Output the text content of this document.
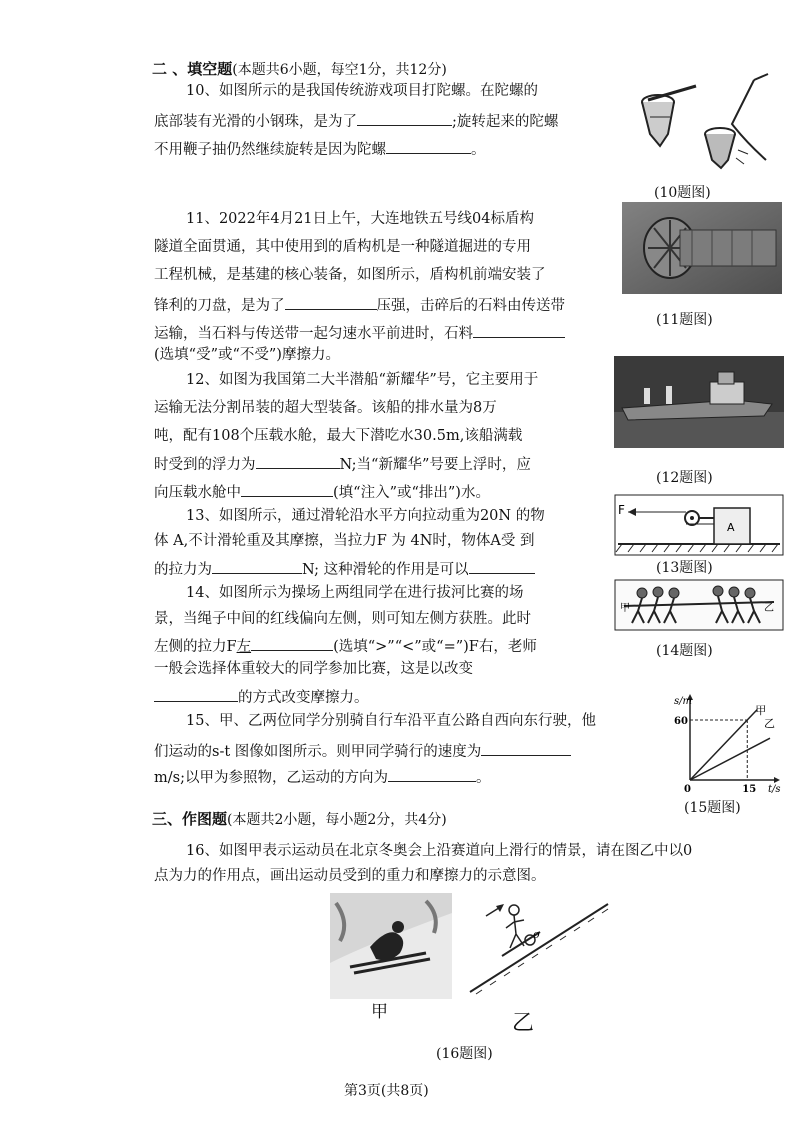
二 、填空题(本题共6小题，每空1分，共12分)
10、如图所示的是我国传统游戏项目打陀螺。在陀螺的
底部装有光滑的小钢珠，是为了	;旋转起来的陀螺
不用鞭子抽仍然继续旋转是因为陀螺	。
(10题图)
11、2022年4月21日上午，大连地铁五号线04标盾构
隧道全面贯通，其中使用到的盾构机是一种隧道掘进的专用
工程机械，是基建的核心装备，如图所示，盾构机前端安装了
锋利的刀盘，是为了	压强，击碎后的石料由传送带
运输，当石料与传送带一起匀速水平前进时，石料
(选填“受”或“不受”)摩擦力。
(11题图)
12、如图为我国第二大半潜船“新耀华”号，它主要用于
运输无法分割吊装的超大型装备。该船的排水量为8万
吨，配有108个压载水舱，最大下潜吃水30.5m,该船满载
时受到的浮力为	N;当“新耀华”号要上浮时，应
向压载水舱中	(填“注入”或“排出”)水。
(12题图)
13、如图所示，通过滑轮沿水平方向拉动重为20N 的物
体 A,不计滑轮重及其摩擦，当拉力F 为 4N时，物体A受 到
的拉力为	N; 这种滑轮的作用是可以
F
A
(13题图)
14、如图所示为操场上两组同学在进行拔河比赛的场
景，当绳子中间的红线偏向左侧，则可知左侧方获胜。此时
左侧的拉力F左	(选填“>”“<”或“=”)F右，老师
一般会选择体重较大的同学参加比赛，这是以改变
的方式改变摩擦力。
甲	乙
(14题图)
15、甲、乙两位同学分别骑自行车沿平直公路自西向东行驶，他
们运动的s-t 图像如图所示。则甲同学骑行的速度为
m/s;以甲为参照物，乙运动的方向为	。
s/m
t/s
0	15
60
甲
乙
(15题图)
三、作图题(本题共2小题，每小题2分，共4分)
16、如图甲表示运动员在北京冬奥会上沿赛道向上滑行的情景，请在图乙中以0
点为力的作用点，画出运动员受到的重力和摩擦力的示意图。
甲
o
乙
(16题图)
第3页(共8页)
